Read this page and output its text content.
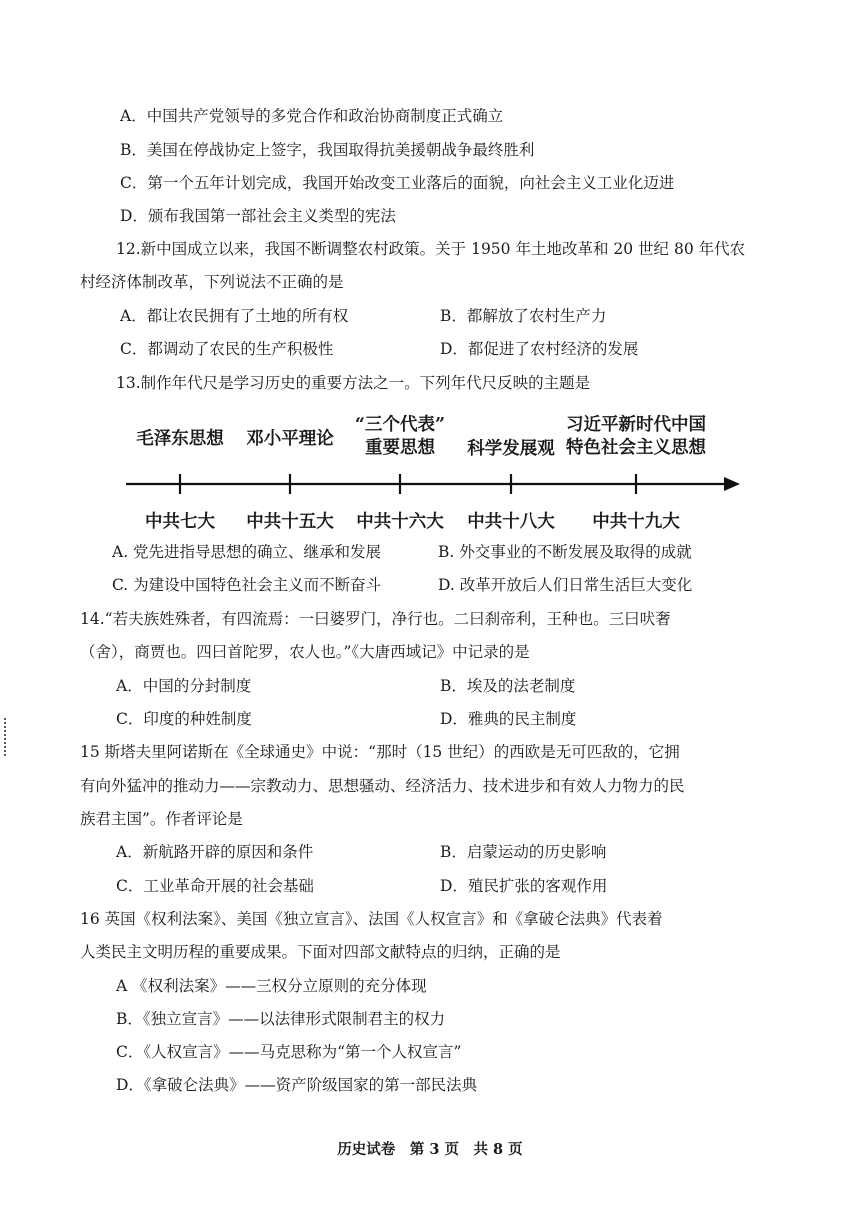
A．中国共产党领导的多党合作和政治协商制度正式确立
B．美国在停战协定上签字，我国取得抗美援朝战争最终胜利
C．第一个五年计划完成，我国开始改变工业落后的面貌，向社会主义工业化迈进
D．颁布我国第一部社会主义类型的宪法
12.新中国成立以来，我国不断调整农村政策。关于 1950 年土地改革和 20 世纪 80 年代农
村经济体制改革，下列说法不正确的是
A．都让农民拥有了土地的所有权	B．都解放了农村生产力
C．都调动了农民的生产积极性	D．都促进了农村经济的发展
13.制作年代尺是学习历史的重要方法之一。下列年代尺反映的主题是
毛泽东思想	邓小平理论
“三个代表”
重要思想	科学发展观
习近平新时代中国
特色社会主义思想
中共七大	中共十五大	中共十六大	中共十八大	中共十九大
A. 党先进指导思想的确立、继承和发展	B. 外交事业的不断发展及取得的成就
C. 为建设中国特色社会主义而不断奋斗	D. 改革开放后人们日常生活巨大变化
14.“若夫族姓殊者，有四流焉：一曰婆罗门，净行也。二曰刹帝利，王种也。三曰吠奢
（舍），商贾也。四曰首陀罗，农人也。”《大唐西域记》中记录的是
A．中国的分封制度	B．埃及的法老制度
C．印度的种姓制度	D．雅典的民主制度
15 斯塔夫里阿诺斯在《全球通史》中说：“那时（15 世纪）的西欧是无可匹敌的，它拥
有向外猛冲的推动力——宗教动力、思想骚动、经济活力、技术进步和有效人力物力的民
族君主国”。作者评论是
A．新航路开辟的原因和条件	B．启蒙运动的历史影响
C．工业革命开展的社会基础	D．殖民扩张的客观作用
16 英国《权利法案》、美国《独立宣言》、法国《人权宣言》和《拿破仑法典》代表着
人类民主文明历程的重要成果。下面对四部文献特点的归纳，正确的是
A 《权利法案》——三权分立原则的充分体现
B．《独立宣言》——以法律形式限制君主的权力
C．《人权宣言》——马克思称为“第一个人权宣言”
D．《拿破仑法典》——资产阶级国家的第一部民法典
历史试卷　第 3 页　共 8 页
